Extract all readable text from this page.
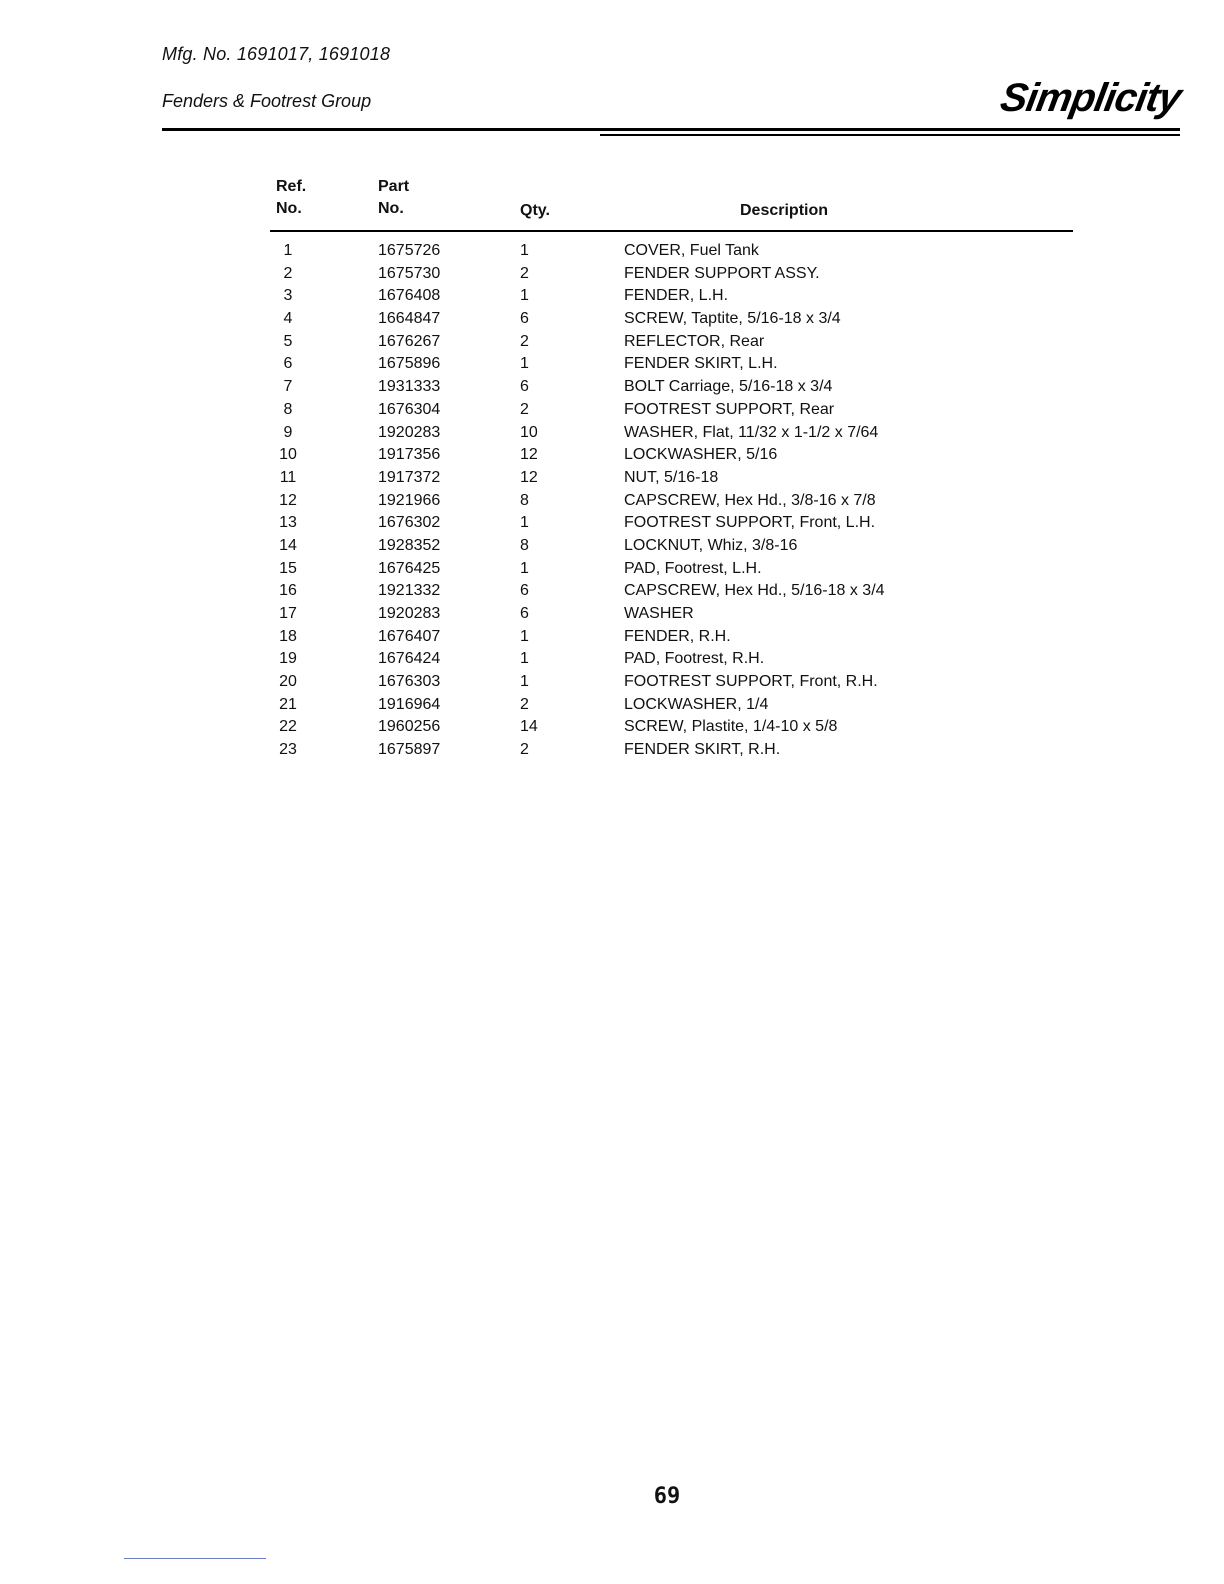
Mfg. No. 1691017, 1691018
Fenders & Footrest Group	Simplicity
Ref.
No.
Part
No.	Qty.	Description
1	1675726	1	COVER, Fuel Tank
2	1675730	2	FENDER SUPPORT ASSY.
3	1676408	1	FENDER, L.H.
4	1664847	6	SCREW, Taptite, 5/16-18 x 3/4
5	1676267	2	REFLECTOR, Rear
6	1675896	1	FENDER SKIRT, L.H.
7	1931333	6	BOLT Carriage, 5/16-18 x 3/4
8	1676304	2	FOOTREST SUPPORT, Rear
9	1920283	10	WASHER, Flat, 11/32 x 1-1/2 x 7/64
10	1917356	12	LOCKWASHER, 5/16
11	1917372	12	NUT, 5/16-18
12	1921966	8	CAPSCREW, Hex Hd., 3/8-16 x 7/8
13	1676302	1	FOOTREST SUPPORT, Front, L.H.
14	1928352	8	LOCKNUT, Whiz, 3/8-16
15	1676425	1	PAD, Footrest, L.H.
16	1921332	6	CAPSCREW, Hex Hd., 5/16-18 x 3/4
17	1920283	6	WASHER
18	1676407	1	FENDER, R.H.
19	1676424	1	PAD, Footrest, R.H.
20	1676303	1	FOOTREST SUPPORT, Front, R.H.
21	1916964	2	LOCKWASHER, 1/4
22	1960256	14	SCREW, Plastite, 1/4-10 x 5/8
23	1675897	2	FENDER SKIRT, R.H.
69
